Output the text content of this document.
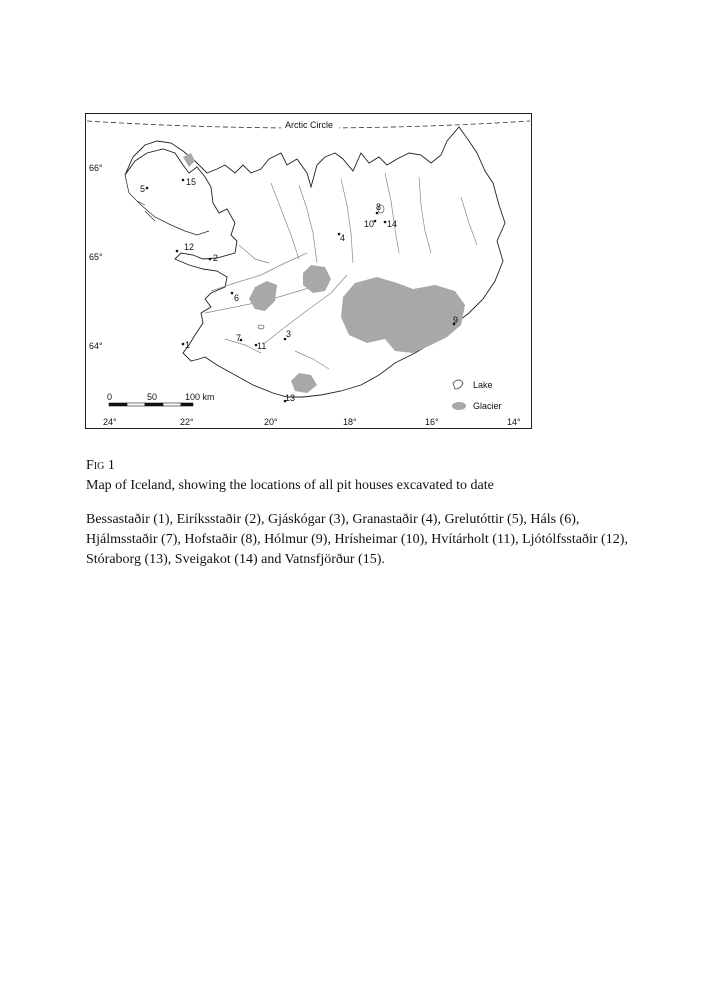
Arctic Circle
66°
65°
64°	1
2
3
4
5
6
7
8
9
10
11
12
13
14
15
0	50	100 km
Lake
Glacier
24°	22°	20°	18°	16°	14°
Fig 1
Map of Iceland, showing the locations of all pit houses excavated to date
Bessastaðir (1), Eiríksstaðir (2), Gjáskógar (3), Granastaðir (4), Grelutóttir (5), Háls (6), Hjálmsstaðir (7), Hofstaðir (8), Hólmur (9), Hrísheimar (10), Hvítárholt (11), Ljótólfsstaðir (12), Stóraborg (13), Sveigakot (14) and Vatnsfjörður (15).
